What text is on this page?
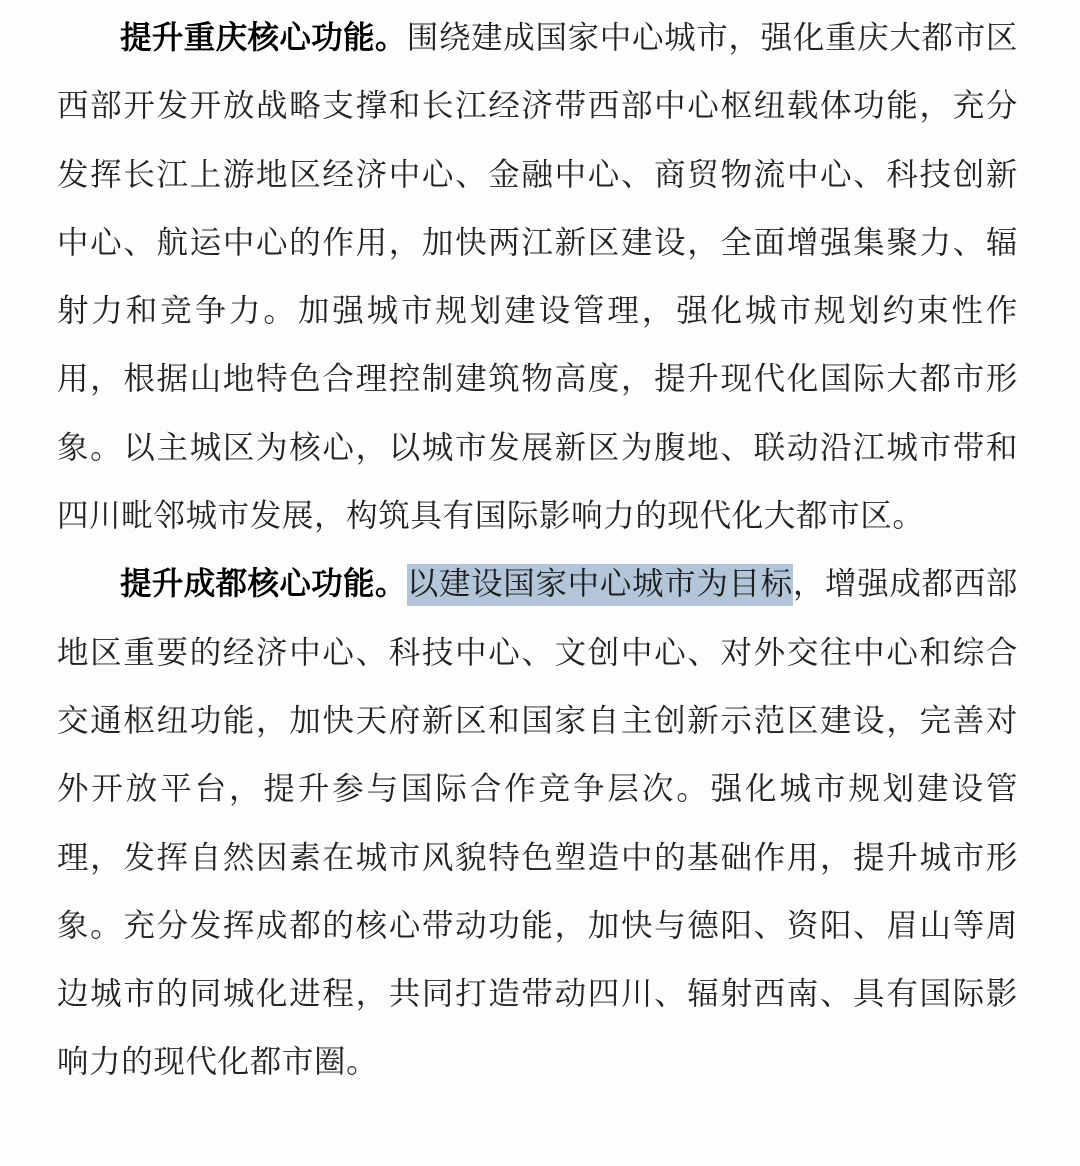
提升重庆核心功能。围绕建成国家中心城市，强化重庆大都市区西部开发开放战略支撑和长江经济带西部中心枢纽载体功能，充分发挥长江上游地区经济中心、金融中心、商贸物流中心、科技创新中心、航运中心的作用，加快两江新区建设，全面增强集聚力、辐射力和竞争力。加强城市规划建设管理，强化城市规划约束性作用，根据山地特色合理控制建筑物高度，提升现代化国际大都市形象。以主城区为核心，以城市发展新区为腹地、联动沿江城市带和四川毗邻城市发展，构筑具有国际影响力的现代化大都市区。

提升成都核心功能。以建设国家中心城市为目标，增强成都西部地区重要的经济中心、科技中心、文创中心、对外交往中心和综合交通枢纽功能，加快天府新区和国家自主创新示范区建设，完善对外开放平台，提升参与国际合作竞争层次。强化城市规划建设管理，发挥自然因素在城市风貌特色塑造中的基础作用，提升城市形象。充分发挥成都的核心带动功能，加快与德阳、资阳、眉山等周边城市的同城化进程，共同打造带动四川、辐射西南、具有国际影响力的现代化都市圈。
